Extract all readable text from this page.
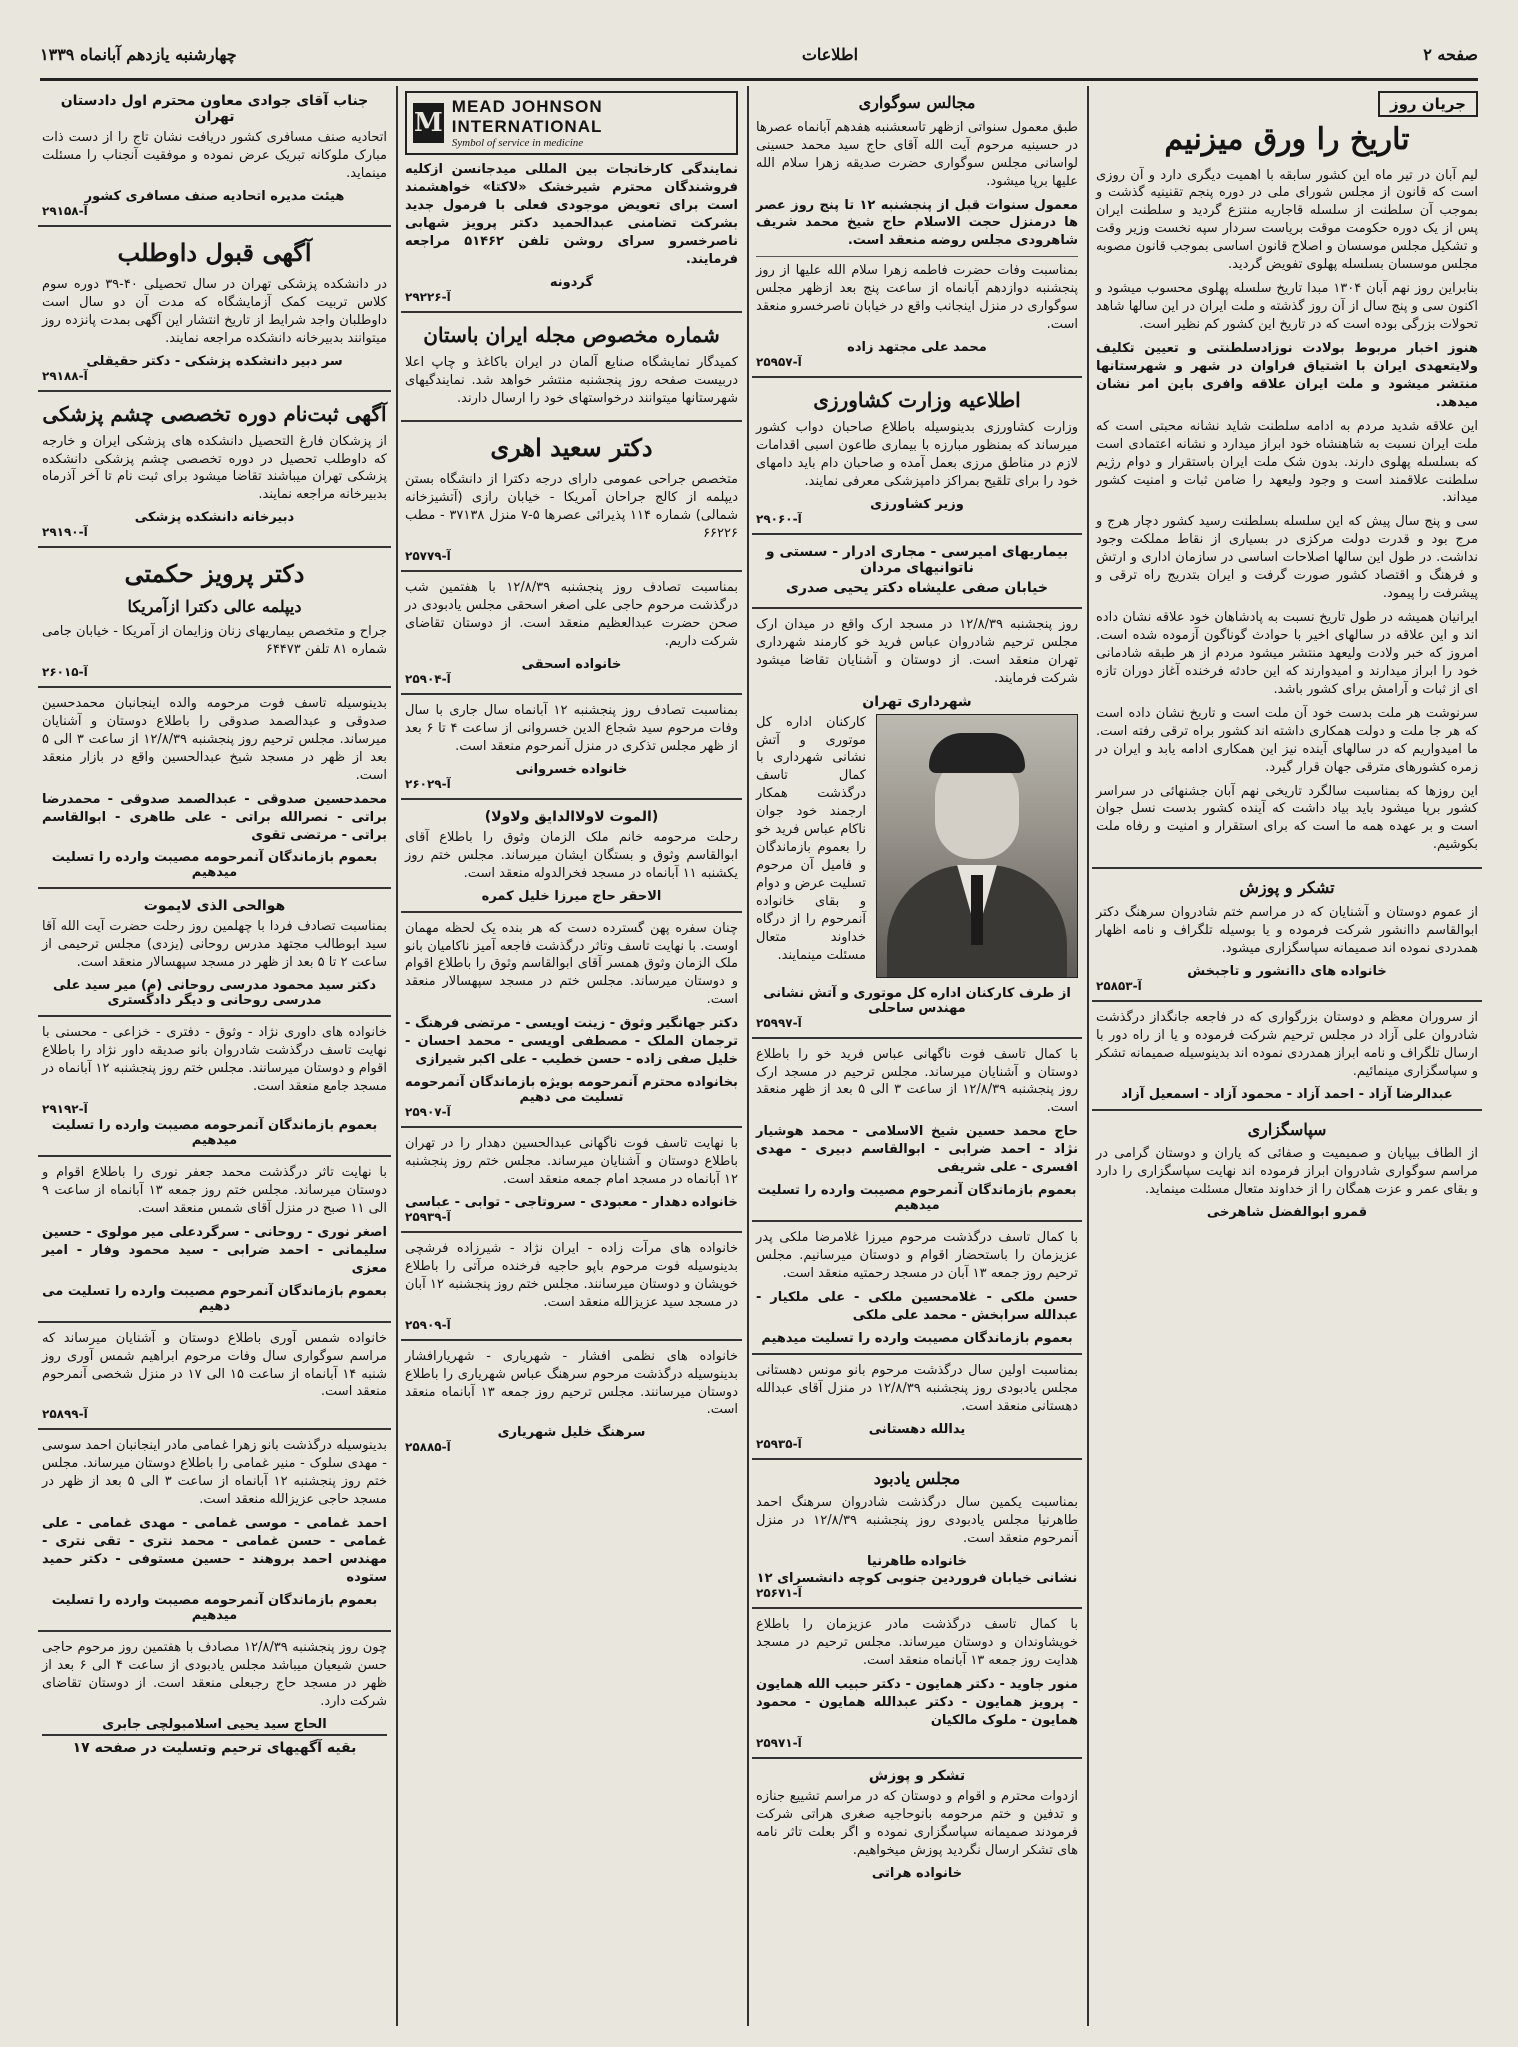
صفحه ۲
اطلاعات
چهارشنبه یازدهم آبانماه ۱۳۳۹
جریان روز
تاریخ را ورق میزنیم

لیم آبان در تیر ماه این کشور سابقه با اهمیت دیگری دارد و آن روزی است که قانون از مجلس شورای ملی در دوره پنجم تقنینیه گذشت و بموجب آن سلطنت از سلسله قاجاریه منتزع گردید و سلطنت ایران پس از یک دوره حکومت موقت بریاست سردار سپه نخست وزیر وقت و تشکیل مجلس موسسان و اصلاح قانون اساسی بموجب قانون مصوبه مجلس موسسان بسلسله پهلوی تفویض گردید.

بنابراین روز نهم آبان ۱۳۰۴ مبدا تاریخ سلسله پهلوی محسوب میشود و اکنون سی و پنج سال از آن روز گذشته و ملت ایران در این سالها شاهد تحولات بزرگی بوده است که در تاریخ این کشور کم نظیر است.

هنوز اخبار مربوط بولادت نوزادسلطنتی و تعیین تکلیف ولایتعهدی ایران با اشتیاق فراوان در شهر و شهرستانها منتشر میشود و ملت ایران علاقه وافری باین امر نشان میدهد.

این علاقه شدید مردم به ادامه سلطنت شاید نشانه محبتی است که ملت ایران نسبت به شاهنشاه خود ابراز میدارد و نشانه اعتمادی است که بسلسله پهلوی دارند. بدون شک ملت ایران باستقرار و دوام رژیم سلطنت علاقمند است و وجود ولیعهد را ضامن ثبات و امنیت کشور میداند.

سی و پنج سال پیش که این سلسله بسلطنت رسید کشور دچار هرج و مرج بود و قدرت دولت مرکزی در بسیاری از نقاط مملکت وجود نداشت. در طول این سالها اصلاحات اساسی در سازمان اداری و ارتش و فرهنگ و اقتصاد کشور صورت گرفت و ایران بتدریج راه ترقی و پیشرفت را پیمود.

ایرانیان همیشه در طول تاریخ نسبت به پادشاهان خود علاقه نشان داده اند و این علاقه در سالهای اخیر با حوادث گوناگون آزموده شده است. امروز که خبر ولادت ولیعهد منتشر میشود مردم از هر طبقه شادمانی خود را ابراز میدارند و امیدوارند که این حادثه فرخنده آغاز دوران تازه ای از ثبات و آرامش برای کشور باشد.

سرنوشت هر ملت بدست خود آن ملت است و تاریخ نشان داده است که هر جا ملت و دولت همکاری داشته اند کشور براه ترقی رفته است. ما امیدواریم که در سالهای آینده نیز این همکاری ادامه یابد و ایران در زمره کشورهای مترقی جهان قرار گیرد.

این روزها که بمناسبت سالگرد تاریخی نهم آبان جشنهائی در سراسر کشور برپا میشود باید بیاد داشت که آینده کشور بدست نسل جوان است و بر عهده همه ما است که برای استقرار و امنیت و رفاه ملت بکوشیم.

تشکر و پوزش

از عموم دوستان و آشنایان که در مراسم ختم شادروان سرهنگ دکتر ابوالقاسم داانشور شرکت فرموده و یا بوسیله تلگراف و نامه اظهار همدردی نموده اند صمیمانه سپاسگزاری میشود.

خانواده های داانشور و تاجبخش
۲۵۸۵۳-آ

از سروران معظم و دوستان بزرگواری که در فاجعه جانگداز درگذشت شادروان علی آزاد در مجلس ترحیم شرکت فرموده و یا از راه دور با ارسال تلگراف و نامه ابراز همدردی نموده اند بدینوسیله صمیمانه تشکر و سپاسگزاری مینمائیم.

عبدالرضا آزاد - احمد آزاد - محمود آزاد - اسمعیل آزاد
سپاسگزاری

از الطاف بیپایان و صمیمیت و صفائی که یاران و دوستان گرامی در مراسم سوگواری شادروان ابراز فرموده اند نهایت سپاسگزاری را دارد و بقای عمر و عزت همگان را از خداوند متعال مسئلت مینماید.

قمرو ابوالفضل شاهرخی
مجالس سوگواری

طبق معمول سنواتی ازظهر تاسعشنبه هفدهم آبانماه عصرها در حسینیه مرحوم آیت الله آقای حاج سید محمد حسینی لواسانی مجلس سوگواری حضرت صدیقه زهرا سلام الله علیها برپا میشود.

معمول سنوات قبل از پنجشنبه ۱۲ تا پنج روز عصر ها درمنزل حجت الاسلام حاج شیخ محمد شریف شاهرودی مجلس روضه منعقد است.

بمناسبت وفات حضرت فاطمه زهرا سلام الله علیها از روز پنجشنبه دوازدهم آبانماه از ساعت پنج بعد ازظهر مجلس سوگواری در منزل اینجانب واقع در خیابان ناصرخسرو منعقد است.

محمد علی مجتهد زاده
۲۵۹۵۷-آ
اطلاعیه وزارت کشاورزی

وزارت کشاورزی بدینوسیله باطلاع صاحبان دواب کشور میرساند که بمنظور مبارزه با بیماری طاعون اسبی اقدامات لازم در مناطق مرزی بعمل آمده و صاحبان دام باید دامهای خود را برای تلقیح بمراکز دامپزشکی معرفی نمایند.

وزیر کشاورزی
۲۹۰۶۰-آ
بیماریهای امیرسی - مجاری ادرار - سستی و ناتوانیهای مردان
خیابان صفی علیشاه دکتر یحیی صدری

روز پنجشنبه ۱۲/۸/۳۹ در مسجد ارک واقع در میدان ارک مجلس ترحیم شادروان عباس فرید خو کارمند شهرداری تهران منعقد است. از دوستان و آشنایان تقاضا میشود شرکت فرمایند.

شهرداری تهران

کارکنان اداره کل موتوری و آتش نشانی شهرداری با کمال تاسف درگذشت همکار ارجمند خود جوان ناکام عباس فرید خو را بعموم بازماندگان و فامیل آن مرحوم تسلیت عرض و دوام و بقای خانواده آنمرحوم را از درگاه خداوند متعال مسئلت مینمایند.

از طرف کارکنان اداره کل موتوری و آتش نشانی مهندس ساحلی
۲۵۹۹۷-آ

با کمال تاسف فوت ناگهانی عباس فرید خو را باطلاع دوستان و آشنایان میرساند. مجلس ترحیم در مسجد ارک روز پنجشنبه ۱۲/۸/۳۹ از ساعت ۳ الی ۵ بعد از ظهر منعقد است.

حاج محمد حسین شیخ الاسلامی - محمد هوشیار نژاد - احمد ضرابی - ابوالقاسم دبیری - مهدی افسری - علی شریفی

بعموم بازماندگان آنمرحوم مصیبت وارده را تسلیت میدهیم

با کمال تاسف درگذشت مرحوم میرزا غلامرضا ملکی پدر عزیزمان را باستحضار اقوام و دوستان میرسانیم. مجلس ترحیم روز جمعه ۱۳ آبان در مسجد رحمتیه منعقد است.

حسن ملکی - غلامحسین ملکی - علی ملکیار - عبدالله سرابخش - محمد علی ملکی

بعموم بازماندگان مصیبت وارده را تسلیت میدهیم

بمناسبت اولین سال درگذشت مرحوم بانو مونس دهستانی مجلس یادبودی روز پنجشنبه ۱۲/۸/۳۹ در منزل آقای عبدالله دهستانی منعقد است.

یدالله دهستانی
۲۵۹۳۵-آ
مجلس یادبود

بمناسبت یکمین سال درگذشت شادروان سرهنگ احمد طاهرنیا مجلس یادبودی روز پنجشنبه ۱۲/۸/۳۹ در منزل آنمرحوم منعقد است.

خانواده طاهرنیا
نشانی خیابان فروردین جنوبی کوچه دانشسرای ۱۲
۲۵۶۷۱-آ

با کمال تاسف درگذشت مادر عزیزمان را باطلاع خویشاوندان و دوستان میرساند. مجلس ترحیم در مسجد هدایت روز جمعه ۱۳ آبانماه منعقد است.

منور جاوید - دکتر همایون - دکتر حبیب الله همایون - پرویز همایون - دکتر عبدالله همایون - محمود همایون - ملوک مالکیان

۲۵۹۷۱-آ
تشکر و پوزش

ازدوات محترم و اقوام و دوستان که در مراسم تشییع جنازه و تدفین و ختم مرحومه بانوحاجیه صغری هراتی شرکت فرمودند صمیمانه سپاسگزاری نموده و اگر بعلت تاثر نامه های تشکر ارسال نگردید پوزش میخواهیم.

خانواده هراتی
M
MEAD JOHNSON INTERNATIONAL
Symbol of service in medicine

نمایندگی کارخانجات بین المللی میدجانسن ازکلیه فروشندگان محترم شیرخشک «لاکتا» خواهشمند است برای تعویض موجودی فعلی با فرمول جدید بشرکت تضامنی عبدالحمید دکتر پرویز شهابی ناصرخسرو سرای روشن تلفن ۵۱۴۶۲ مراجعه فرمایند.

گردونه
۲۹۲۲۶-آ
شماره مخصوص مجله ایران باستان

کمیدگار نمایشگاه صنایع آلمان در ایران باکاغذ و چاپ اعلا دربیست صفحه روز پنجشنبه منتشر خواهد شد. نمایندگیهای شهرستانها میتوانند درخواستهای خود را ارسال دارند.

دکتر سعید اهری

متخصص جراحی عمومی دارای درجه دکترا از دانشگاه بستن دیپلمه از کالج جراحان آمریکا - خیابان رازی (آتشیزخانه شمالی) شماره ۱۱۴ پذیرائی عصرها ۵-۷ منزل ۳۷۱۳۸ - مطب ۶۶۲۲۶

۲۵۷۷۹-آ

بمناسبت تصادف روز پنجشنبه ۱۲/۸/۳۹ با هفتمین شب درگذشت مرحوم حاجی علی اصغر اسحقی مجلس یادبودی در صحن حضرت عبدالعظیم منعقد است. از دوستان تقاضای شرکت داریم.

خانواده اسحقی
۲۵۹۰۴-آ

بمناسبت تصادف روز پنجشنبه ۱۲ آبانماه سال جاری با سال وفات مرحوم سید شجاع الدین خسروانی از ساعت ۴ تا ۶ بعد از ظهر مجلس تذکری در منزل آنمرحوم منعقد است.

خانواده خسروانی
۲۶۰۲۹-آ
(الموت لاولاالدایق ولاولا)

رحلت مرحومه خانم ملک الزمان وثوق را باطلاع آقای ابوالقاسم وثوق و بستگان ایشان میرساند. مجلس ختم روز یکشنبه ۱۱ آبانماه در مسجد فخرالدوله منعقد است.

الاحقر حاج میرزا خلیل کمره

چنان سفره پهن گسترده دست که هر بنده یک لحظه مهمان اوست. با نهایت تاسف وتاثر درگذشت فاجعه آمیز ناکامیان بانو ملک الزمان وثوق همسر آقای ابوالقاسم وثوق را باطلاع اقوام و دوستان میرساند. مجلس ختم در مسجد سپهسالار منعقد است.

دکتر جهانگیر وثوق - زینت اویسی - مرتضی فرهنگ - ترجمان الملک - مصطفی اویسی - محمد احسان - خلیل صفی زاده - حسن خطیب - علی اکبر شیرازی

بخانواده محترم آنمرحومه بویژه بازماندگان آنمرحومه تسلیت می دهیم
۲۵۹۰۷-آ

با نهایت تاسف فوت ناگهانی عبدالحسین دهدار را در تهران باطلاع دوستان و آشنایان میرساند. مجلس ختم روز پنجشنبه ۱۲ آبانماه در مسجد امام جمعه منعقد است.

خانواده دهدار - معبودی - سروتاجی - توابی - عباسی
۲۵۹۳۹-آ

خانواده های مرآت زاده - ایران نژاد - شیرزاده فرشچی بدینوسیله فوت مرحوم باپو حاجیه فرخنده مرآتی را باطلاع خویشان و دوستان میرسانند. مجلس ختم روز پنجشنبه ۱۲ آبان در مسجد سید عزیزالله منعقد است.

۲۵۹۰۹-آ

خانواده های نظمی افشار - شهریاری - شهریارافشار بدینوسیله درگذشت مرحوم سرهنگ عباس شهریاری را باطلاع دوستان میرسانند. مجلس ترحیم روز جمعه ۱۳ آبانماه منعقد است.

سرهنگ خلیل شهریاری
۲۵۸۸۵-آ
جناب آقای جوادی معاون محترم اول دادستان تهران

اتحادیه صنف مسافری کشور دریافت نشان تاج را از دست ذات مبارک ملوکانه تبریک عرض نموده و موفقیت آنجناب را مسئلت مینماید.

هیئت مدیره اتحادیه صنف مسافری کشور
۲۹۱۵۸-آ
آگهی قبول داوطلب

در دانشکده پزشکی تهران در سال تحصیلی ۴۰-۳۹ دوره سوم کلاس تربیت کمک آزمایشگاه که مدت آن دو سال است داوطلبان واجد شرایط از تاریخ انتشار این آگهی بمدت پانزده روز میتوانند بدبیرخانه دانشکده مراجعه نمایند.

سر دبیر دانشکده پزشکی - دکتر حقیقلی
۲۹۱۸۸-آ
آگهی ثبت‌نام دوره تخصصی چشم پزشکی

از پزشکان فارغ التحصیل دانشکده های پزشکی ایران و خارجه که داوطلب تحصیل در دوره تخصصی چشم پزشکی دانشکده پزشکی تهران میباشند تقاضا میشود برای ثبت نام تا آخر آذرماه بدبیرخانه مراجعه نمایند.

دبیرخانه دانشکده پزشکی
۲۹۱۹۰-آ
دکتر پرویز حکمتی
دیپلمه عالی دکترا ازآمریکا

جراح و متخصص بیماریهای زنان وزایمان از آمریکا - خیابان جامی شماره ۸۱ تلفن ۶۴۴۷۳

۲۶۰۱۵-آ

بدینوسیله تاسف فوت مرحومه والده اینجانبان محمدحسین صدوقی و عبدالصمد صدوقی را باطلاع دوستان و آشنایان میرساند. مجلس ترحیم روز پنجشنبه ۱۲/۸/۳۹ از ساعت ۳ الی ۵ بعد از ظهر در مسجد شیخ عبدالحسین واقع در بازار منعقد است.

محمدحسین صدوقی - عبدالصمد صدوقی - محمدرضا براتی - نصرالله براتی - علی طاهری - ابوالقاسم براتی - مرتضی تقوی

بعموم بازماندگان آنمرحومه مصیبت وارده را تسلیت میدهیم
هوالحی الذی لایموت

بمناسبت تصادف فردا با چهلمین روز رحلت حضرت آیت الله آقا سید ابوطالب مجتهد مدرس روحانی (یزدی) مجلس ترحیمی از ساعت ۲ تا ۵ بعد از ظهر در مسجد سپهسالار منعقد است.

دکتر سید محمود مدرسی روحانی (م) میر سید علی مدرسی روحانی و دیگر دادگستری

خانواده های داوری نژاد - وثوق - دفتری - خزاعی - محسنی با نهایت تاسف درگذشت شادروان بانو صدیقه داور نژاد را باطلاع اقوام و دوستان میرسانند. مجلس ختم روز پنجشنبه ۱۲ آبانماه در مسجد جامع منعقد است.

۲۹۱۹۲-آ
بعموم بازماندگان آنمرحومه مصیبت وارده را تسلیت میدهیم

با نهایت تاثر درگذشت محمد جعفر نوری را باطلاع اقوام و دوستان میرساند. مجلس ختم روز جمعه ۱۳ آبانماه از ساعت ۹ الی ۱۱ صبح در منزل آقای شمس منعقد است.

اصغر نوری - روحانی - سرگردعلی میر مولوی - حسین سلیمانی - احمد ضرابی - سید محمود وفار - امیر معزی

بعموم بازماندگان آنمرحوم مصیبت وارده را تسلیت می دهیم

خانواده شمس آوری باطلاع دوستان و آشنایان میرساند که مراسم سوگواری سال وفات مرحوم ابراهیم شمس آوری روز شنبه ۱۴ آبانماه از ساعت ۱۵ الی ۱۷ در منزل شخصی آنمرحوم منعقد است.

۲۵۸۹۹-آ

بدینوسیله درگذشت بانو زهرا غمامی مادر اینجانبان احمد سوسی - مهدی سلوک - منیر غمامی را باطلاع دوستان میرساند. مجلس ختم روز پنجشنبه ۱۲ آبانماه از ساعت ۳ الی ۵ بعد از ظهر در مسجد حاجی عزیزالله منعقد است.

احمد غمامی - موسی غمامی - مهدی غمامی - علی غمامی - حسن غمامی - محمد نتری - تقی نتری - مهندس احمد بروهند - حسین مستوفی - دکتر حمید ستوده

بعموم بازماندگان آنمرحومه مصیبت وارده را تسلیت میدهیم

چون روز پنجشنبه ۱۲/۸/۳۹ مصادف با هفتمین روز مرحوم حاجی حسن شیعیان میباشد مجلس یادبودی از ساعت ۴ الی ۶ بعد از ظهر در مسجد حاج رجبعلی منعقد است. از دوستان تقاضای شرکت دارد.

الحاج سید یحیی اسلامبولچی جابری
بقیه آگهیهای ترحیم وتسلیت در صفحه ۱۷
